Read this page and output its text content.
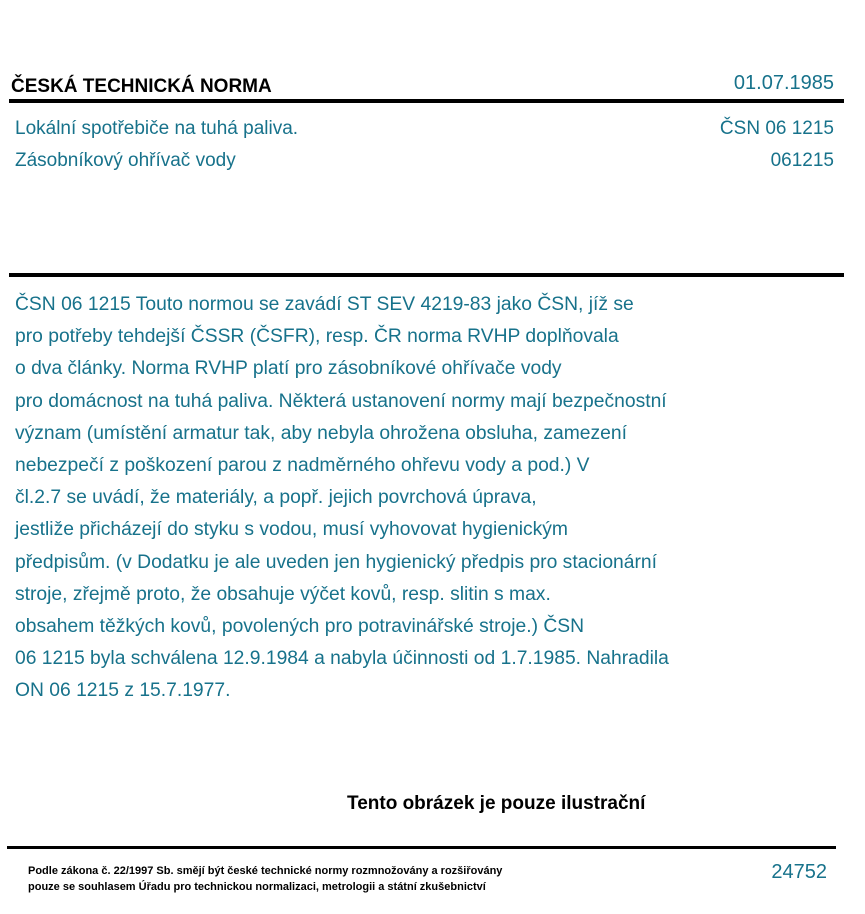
ČESKÁ TECHNICKÁ NORMA	01.07.1985
Lokální spotřebiče na tuhá paliva.
Zásobníkový ohřívač vody
ČSN 06 1215
061215
ČSN 06 1215 Touto normou se zavádí ST SEV 4219-83 jako ČSN, jíž se
pro potřeby tehdejší ČSSR (ČSFR), resp. ČR norma RVHP doplňovala
o dva články. Norma RVHP platí pro zásobníkové ohřívače vody
pro domácnost na tuhá paliva. Některá ustanovení normy mají bezpečnostní
význam (umístění armatur tak, aby nebyla ohrožena obsluha, zamezení
nebezpečí z poškození parou z nadměrného ohřevu vody a pod.) V
čl.2.7 se uvádí, že materiály, a popř. jejich povrchová úprava,
jestliže přicházejí do styku s vodou, musí vyhovovat hygienickým
předpisům. (v Dodatku je ale uveden jen hygienický předpis pro stacionární
stroje, zřejmě proto, že obsahuje výčet kovů, resp. slitin s max.
obsahem těžkých kovů, povolených pro potravinářské stroje.) ČSN
06 1215 byla schválena 12.9.1984 a nabyla účinnosti od 1.7.1985. Nahradila
ON 06 1215 z 15.7.1977.
Tento obrázek je pouze ilustrační
Podle zákona č. 22/1997 Sb. smějí být české technické normy rozmnožovány a rozšiřovány
pouze se souhlasem Úřadu pro technickou normalizaci, metrologii a státní zkušebnictví
24752
